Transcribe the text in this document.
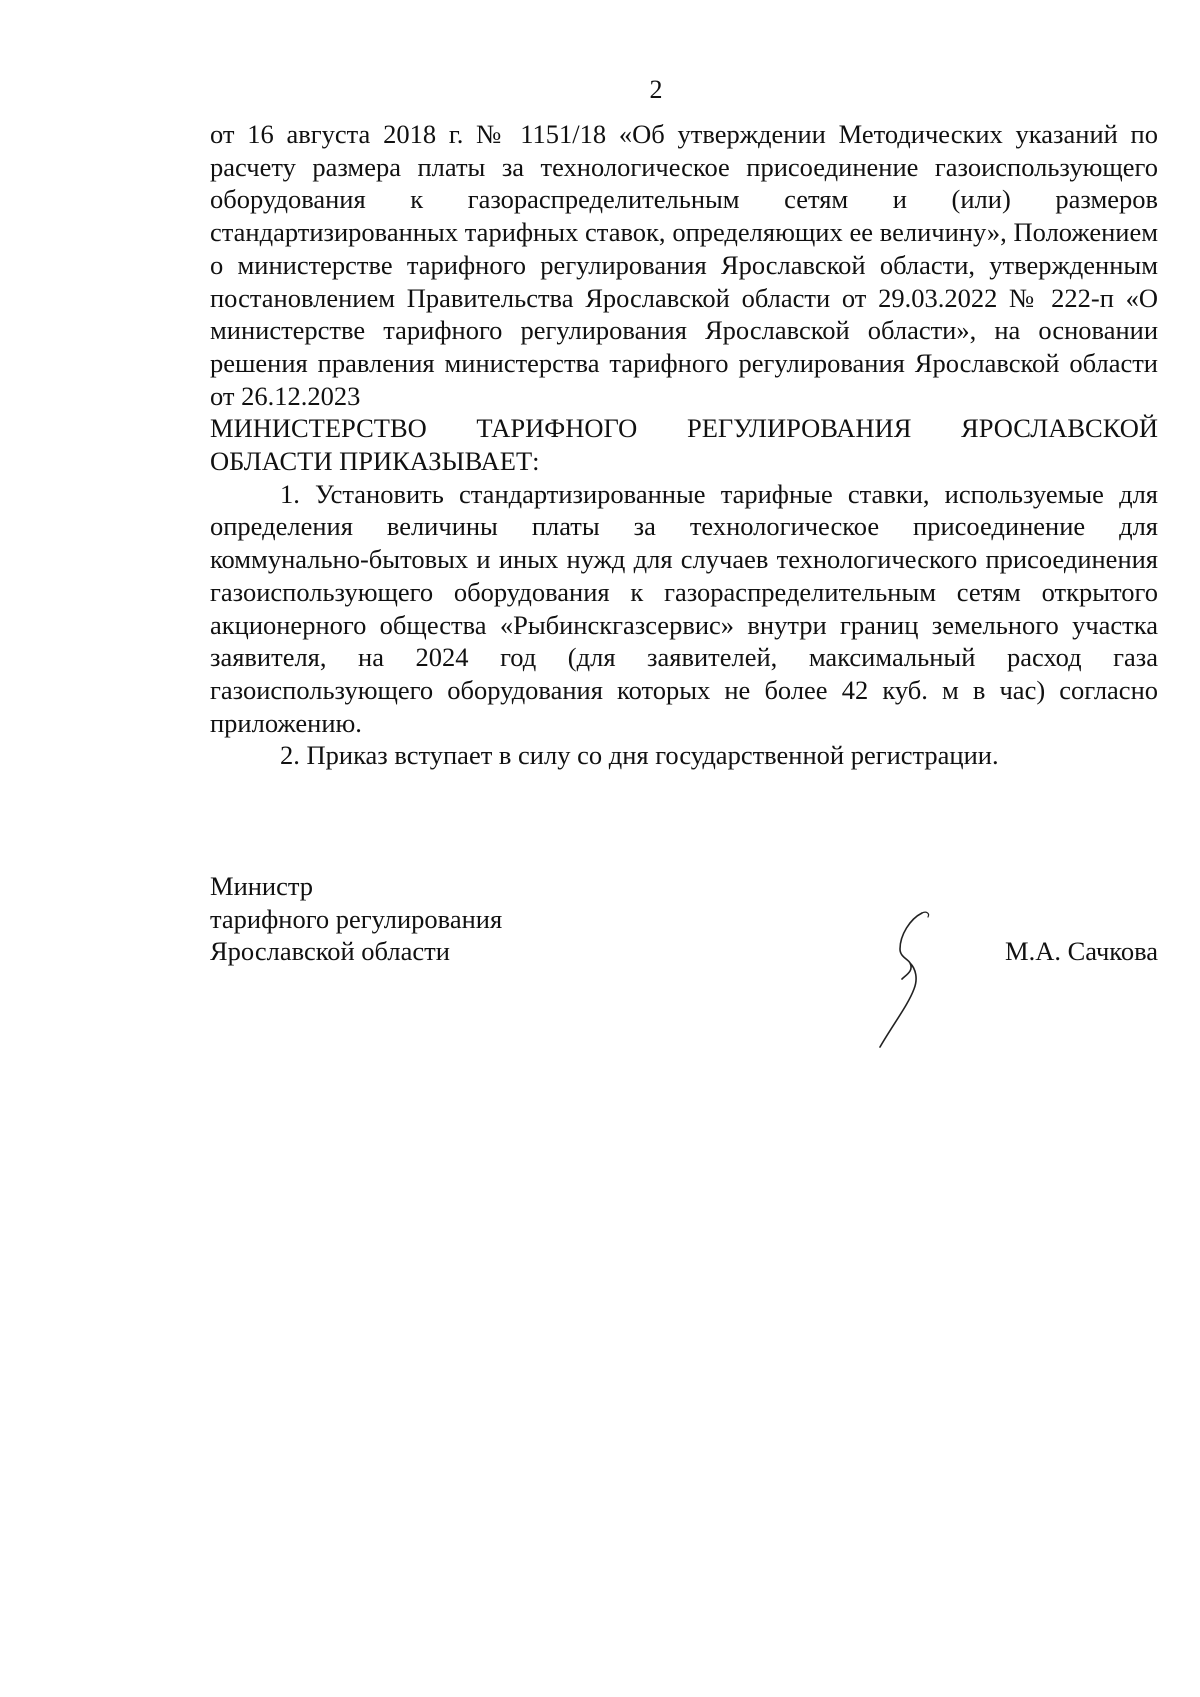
2

от 16 августа 2018 г. № 1151/18 «Об утверждении Методических указаний по расчету размера платы за технологическое присоединение газоиспользующего оборудования к газораспределительным сетям и (или) размеров стандартизированных тарифных ставок, определяющих ее величину», Положением о министерстве тарифного регулирования Ярославской области, утвержденным постановлением Правительства Ярославской области от 29.03.2022 № 222-п «О министерстве тарифного регулирования Ярославской области», на основании решения правления министерства тарифного регулирования Ярославской области от 26.12.2023

МИНИСТЕРСТВО ТАРИФНОГО РЕГУЛИРОВАНИЯ ЯРОСЛАВСКОЙ ОБЛАСТИ ПРИКАЗЫВАЕТ:

1. Установить стандартизированные тарифные ставки, используемые для определения величины платы за технологическое присоединение для коммунально-бытовых и иных нужд для случаев технологического присоединения газоиспользующего оборудования к газораспределительным сетям открытого акционерного общества «Рыбинскгазсервис» внутри границ земельного участка заявителя, на 2024 год (для заявителей, максимальный расход газа газоиспользующего оборудования которых не более 42 куб. м в час) согласно приложению.

2. Приказ вступает в силу со дня государственной регистрации.

Министр
тарифного регулирования
Ярославской области	М.А. Сачкова
